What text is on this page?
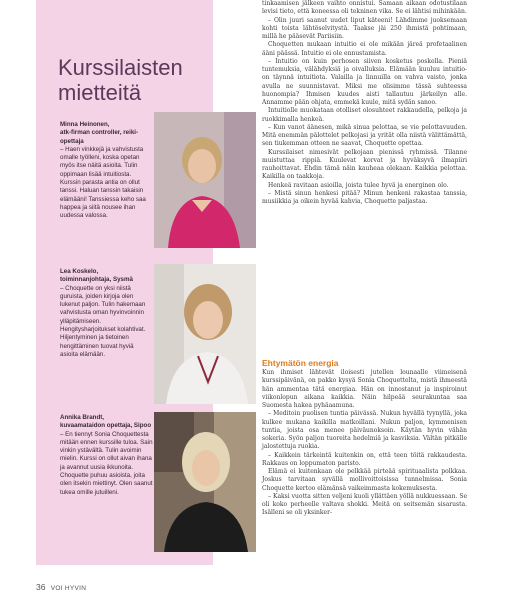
Kurssilaisten mietteitä
Minna Heinonen,
atk-firman controller, reiki-opettaja
– Haen vinkkejä ja vahvistusta omalle työlleni, koska opetan myös itse näitä asioita. Tulin oppimaan lisää intuitiosta. Kurssin parasta antia on ollut tanssi. Haluan tanssin takaisin elämääni! Tanssiessa keho saa happea ja siitä nousee ihan uudessa valossa.
Lea Koskelo,
toiminnanjohtaja, Sysmä
– Choquette on yksi niistä guruista, joiden kirjoja olen lukenut paljon. Tulin hakemaan vahvistusta oman hyvinvoinnin ylläpitämiseen. Hengitysharjoitukset kolahtivat. Hiljentyminen ja tietoinen hengittäminen tuovat hyviä asioita elämään.
Annika Brandt,
kuvaamataidon opettaja, Sipoo
– En tiennyt Sonia Choquettesta mitään ennen kurssille tuloa. Sain vinkin ystävältä. Tulin avoimin mielin. Kurssi on ollut aivan ihana ja avannut uusia ikkunoita. Choquette puhuu asioista, joita olen itsekin miettinyt. Olen saanut tukea omille jutuilleni.

tinkaamisen jälkeen vaihto onnistui. Samaan aikaan odotustilaan levisi tieto, että koneessa oli tekninen vika. Se ei lähtisi mihinkään.

– Olin juuri saanut uudet liput käteeni! Lähdimme juoksemaan kohti toista lähtöselvitystä. Taakse jäi 250 ihmistä pohtimaan, millä he pääsevät Pariisiin.

Choquetten mukaan intuitio ei ole mikään järeä profetaalinen ääni päässä. Intuitio ei ole ennustamista.

– Intuitio on kuin perhosen siiven kosketus poskella. Pieniä tuntemuksia, välähdyksiä ja oivalluksia. Elämään kuuluu intuitio-on täynnä intuitiota. Valailla ja linnuilla on vahva vaisto, jonka avulla ne suunnistavat. Miksi me olisimme tässä suhteessa huonompia? Ihmisen kuudes aisti tallautuu järkeilyn alle. Annamme pään ohjata, emmekä kuule, mitä sydän sanoo.

Intuitiolle muokataan otolliset olosuhteet rakkaudella, pelkoja ja ruokkimalla henkeä.

– Kun vanot äänesen, mikä sinua pelottaa, se vie pelottavuuden. Mitä enemmän pälottelet pelkojasi ja yrität olla niistä välittämättä, sen tiukemman otteen ne saavat, Choquette opettaa.

Kurssilaiset nimesivät pelkojaan pienissä ryhmissä. Tilanne muistuttaa rippiä. Kuulevat korvat ja hyväksyvä ilmapiiri rauhoittavat. Ehdin tämä näin kauheaa olekaan. Kaikkia pelottaa. Kaikilla on taakkoja.

Henkeä ravitaan asioilla, joista tulee hyvä ja energinen olo.

– Mistä sinun henkesi pitää? Minun henkeni rakastaa tanssia, musiikkia ja oikein hyvää kahvia, Choquette paljastaa.

Ehtymätön energia

Kun ihmiset lähtevät iloisesti jutellen lounaalle viimeisenä kurssipäivänä, on pakko kysyä Sonia Choquettelta, mistä ihmeestä hän ammentaa tätä energiaa. Hän on innostanut ja inspiroinut viikonlopun aikana kaikkia. Näin hilpeää seurakuntaa saa Suomesta hakea pyhäaamuna.

– Meditoin puolisen tuntia päivässä. Nukun hyvällä tyynyllä, joka kulkee mukana kaikilla matkoillani. Nukun paljon, kymmenisen tuntia, joista osa menee päiväunoksoin. Käytän hyvin vähän sokeria. Syön paljon tuoreita hedelmiä ja kasviksia. Vältän pitkälle jalostettuja ruokia.

– Kaikkein tärkeintä kuitenkin on, että teen töitä rakkaudesta. Rakkaus on loppumaton paristo.

Elämä ei kuitenkaan ole pelkkää pirteää spirituaalista polkkaa. Joskus tarvitaan syvällä mollivoittoisissa tunnelmissa. Sonia Choquette kertoo elämänsä vaikeimmasta kokemuksesta.

– Kaksi vuotta sitten veljeni kuoli yllättäen yöllä nukkuessaan. Se oli koko perheelle valtava shokki. Meitä on seitsemän sisarusta. Isälleni se oli yksinker-

36 VOI HYVIN
